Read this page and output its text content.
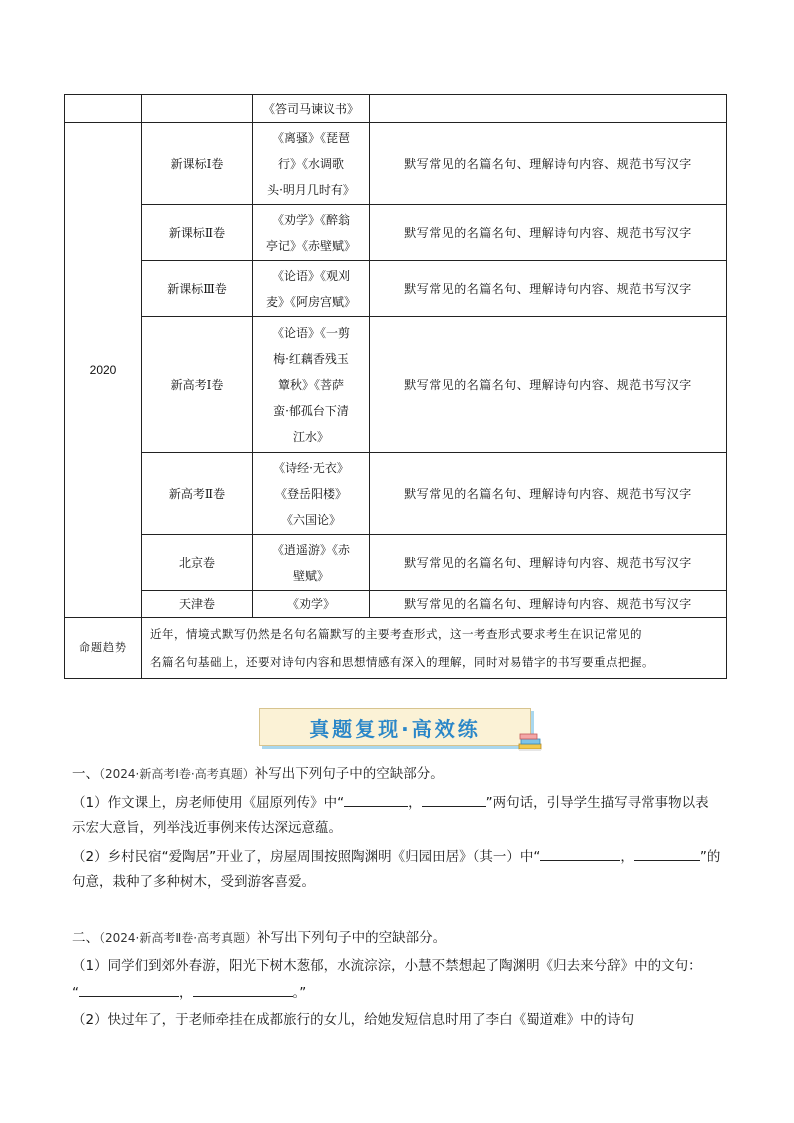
		《答司马谏议书》	
2020	新课标Ⅰ卷	《离骚》《琵琶
行》《水调歌
头·明月几时有》	默写常见的名篇名句、理解诗句内容、规范书写汉字
	新课标Ⅱ卷	《劝学》《醉翁
亭记》《赤壁赋》	默写常见的名篇名句、理解诗句内容、规范书写汉字
	新课标Ⅲ卷	《论语》《观刈
麦》《阿房宫赋》	默写常见的名篇名句、理解诗句内容、规范书写汉字
	新高考Ⅰ卷	《论语》《一剪
梅·红藕香残玉
簟秋》《菩萨
蛮·郁孤台下清
江水》	默写常见的名篇名句、理解诗句内容、规范书写汉字
	新高考Ⅱ卷	《诗经·无衣》
《登岳阳楼》
《六国论》	默写常见的名篇名句、理解诗句内容、规范书写汉字
	北京卷	《逍遥游》《赤
壁赋》	默写常见的名篇名句、理解诗句内容、规范书写汉字
	天津卷	《劝学》	默写常见的名篇名句、理解诗句内容、规范书写汉字
命题趋势	近年，情境式默写仍然是名句名篇默写的主要考查形式，这一考查形式要求考生在识记常见的
名篇名句基础上，还要对诗句内容和思想情感有深入的理解，同时对易错字的书写要重点把握。		
真题复现·高效练
一、（2024·新高考Ⅰ卷·高考真题）补写出下列句子中的空缺部分。
（1）作文课上，房老师使用《屈原列传》中“	，	”两句话，引导学生描写寻常事物以表
示宏大意旨，列举浅近事例来传达深远意蕴。
（2）乡村民宿“爱陶居”开业了，房屋周围按照陶渊明《归园田居》（其一）中“	，	”的
句意，栽种了多种树木，受到游客喜爱。
二、（2024·新高考Ⅱ卷·高考真题）补写出下列句子中的空缺部分。
（1）同学们到郊外春游，阳光下树木葱郁，水流淙淙，小慧不禁想起了陶渊明《归去来兮辞》中的文句：
“	，	。”
（2）快过年了，于老师牵挂在成都旅行的女儿，给她发短信息时用了李白《蜀道难》中的诗句
